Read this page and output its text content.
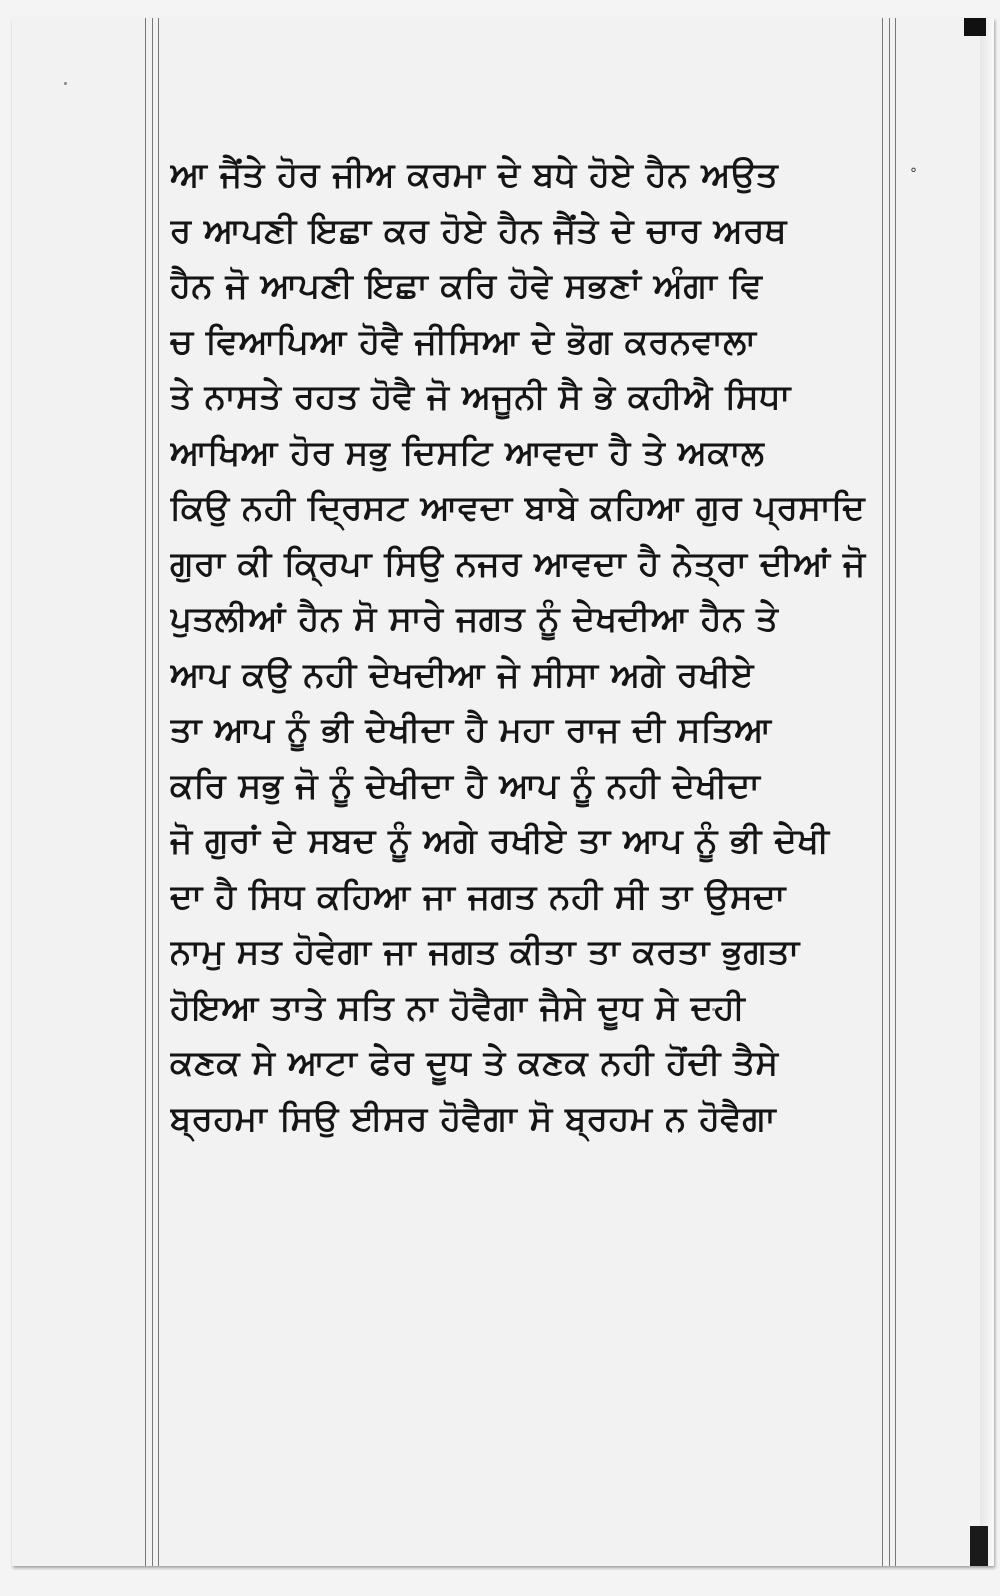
°
ਆ ਜੈਂਤੇ ਹੋਰ ਜੀਅ ਕਰਮਾ ਦੇ ਬਧੇ ਹੋਏ ਹੈਨ ਅਉਤ
ਰ ਆਪਣੀ ਇਛਾ ਕਰ ਹੋਏ ਹੈਨ ਜੈਂਤੇ ਦੇ ਚਾਰ ਅਰਥ
ਹੈਨ ਜੋ ਆਪਣੀ ਇਛਾ ਕਰਿ ਹੋਵੇ ਸਭਣਾਂ ਅੰਗਾ ਵਿ
ਚ ਵਿਆਪਿਆ ਹੋਵੈ ਜੀਸਿਆ ਦੇ ਭੋਗ ਕਰਨਵਾਲਾ
ਤੇ ਨਾਸਤੇ ਰਹਤ ਹੋਵੈ ਜੋ ਅਜੂਨੀ ਸੈ ਭੇ ਕਹੀਐ ਸਿਧਾ
ਆਖਿਆ ਹੋਰ ਸਭੁ ਦਿਸਟਿ ਆਵਦਾ ਹੈ ਤੇ ਅਕਾਲ
ਕਿਉ ਨਹੀ ਦ੍ਰਿਸਟ ਆਵਦਾ ਬਾਬੇ ਕਹਿਆ ਗੁਰ ਪ੍ਰਸਾਦਿ
ਗੁਰਾ ਕੀ ਕ੍ਰਿਪਾ ਸਿਉ ਨਜਰ ਆਵਦਾ ਹੈ ਨੇਤ੍ਰਾ ਦੀਆਂ ਜੋ
ਪੁਤਲੀਆਂ ਹੈਨ ਸੋ ਸਾਰੇ ਜਗਤ ਨੂੰ ਦੇਖਦੀਆ ਹੈਨ ਤੇ
ਆਪ ਕਉ ਨਹੀ ਦੇਖਦੀਆ ਜੇ ਸੀਸਾ ਅਗੇ ਰਖੀਏ
ਤਾ ਆਪ ਨੂੰ ਭੀ ਦੇਖੀਦਾ ਹੈ ਮਹਾ ਰਾਜ ਦੀ ਸਤਿਆ
ਕਰਿ ਸਭੁ ਜੋ ਨੂੰ ਦੇਖੀਦਾ ਹੈ ਆਪ ਨੂੰ ਨਹੀ ਦੇਖੀਦਾ
ਜੋ ਗੁਰਾਂ ਦੇ ਸਬਦ ਨੂੰ ਅਗੇ ਰਖੀਏ ਤਾ ਆਪ ਨੂੰ ਭੀ ਦੇਖੀ
ਦਾ ਹੈ ਸਿਧ ਕਹਿਆ ਜਾ ਜਗਤ ਨਹੀ ਸੀ ਤਾ ਉਸਦਾ
ਨਾਮੁ ਸਤ ਹੋਵੇਗਾ ਜਾ ਜਗਤ ਕੀਤਾ ਤਾ ਕਰਤਾ ਭੁਗਤਾ
ਹੋਇਆ ਤਾਤੇ ਸਤਿ ਨਾ ਹੋਵੈਗਾ ਜੈਸੇ ਦੂਧ ਸੇ ਦਹੀ
ਕਣਕ ਸੇ ਆਟਾ ਫੇਰ ਦੂਧ ਤੇ ਕਣਕ ਨਹੀ ਹੋਂਦੀ ਤੈਸੇ
ਬ੍ਰਹਮਾ ਸਿਉ ਈਸਰ ਹੋਵੈਗਾ ਸੋ ਬ੍ਰਹਮ ਨ ਹੋਵੈਗਾ
